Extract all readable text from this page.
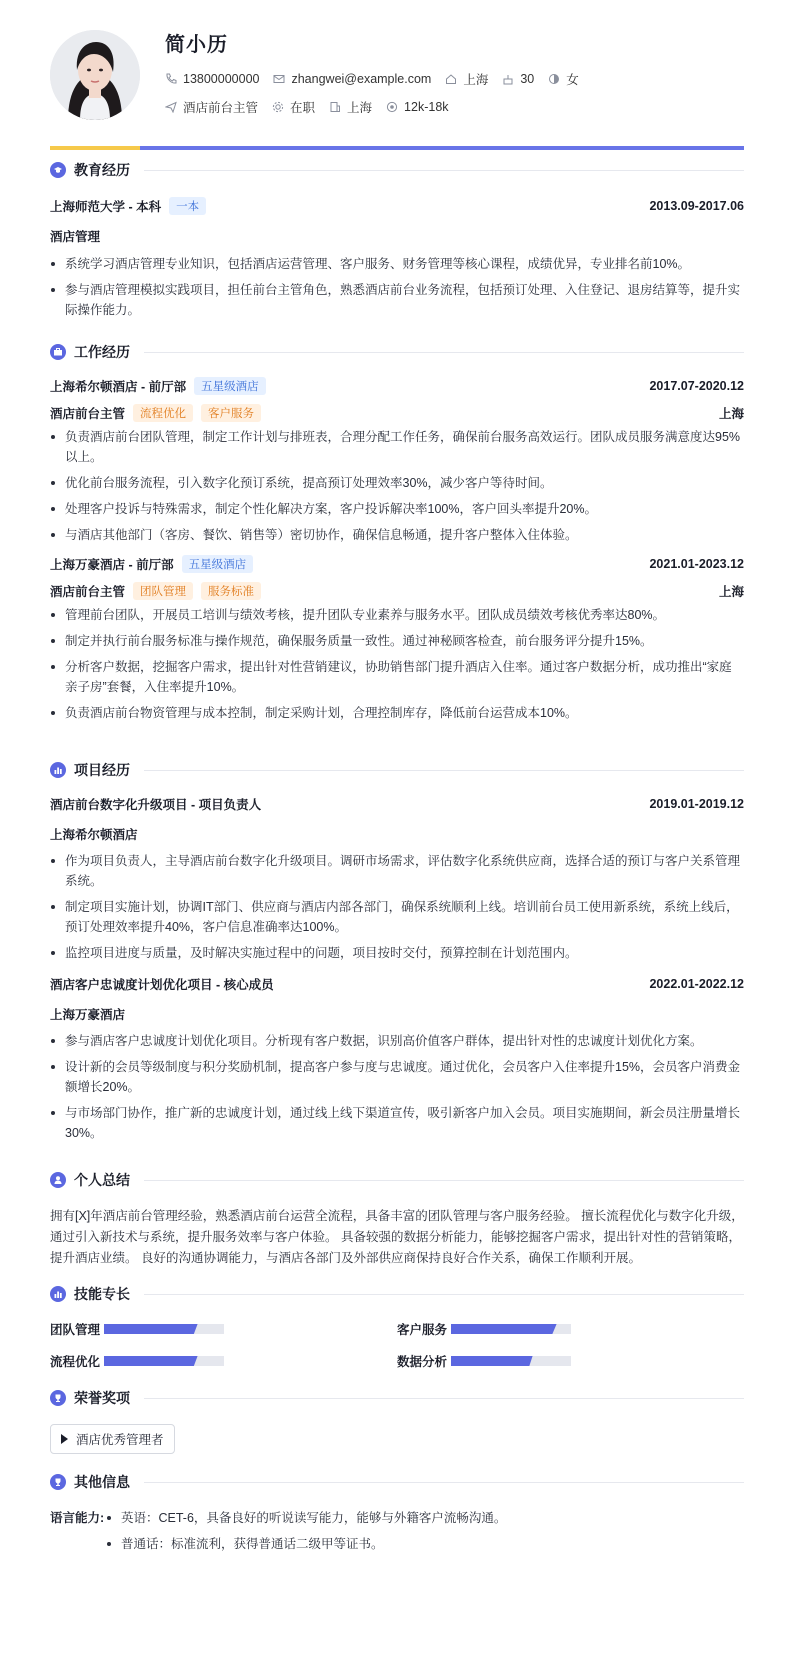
简小历
13800000000	zhangwei@example.com	上海	30	女
酒店前台主管	在职	上海	12k-18k
教育经历
上海师范大学 - 本科	一本	2013.09-2017.06
酒店管理
系统学习酒店管理专业知识，包括酒店运营管理、客户服务、财务管理等核心课程，成绩优异，专业排名前10%。
参与酒店管理模拟实践项目，担任前台主管角色，熟悉酒店前台业务流程，包括预订处理、入住登记、退房结算等，提升实际操作能力。
工作经历
上海希尔顿酒店 - 前厅部	五星级酒店	2017.07-2020.12
酒店前台主管	流程优化	客户服务	上海
负责酒店前台团队管理，制定工作计划与排班表，合理分配工作任务，确保前台服务高效运行。团队成员服务满意度达95%以上。
优化前台服务流程，引入数字化预订系统，提高预订处理效率30%，减少客户等待时间。
处理客户投诉与特殊需求，制定个性化解决方案，客户投诉解决率100%，客户回头率提升20%。
与酒店其他部门（客房、餐饮、销售等）密切协作，确保信息畅通，提升客户整体入住体验。
上海万豪酒店 - 前厅部	五星级酒店	2021.01-2023.12
酒店前台主管	团队管理	服务标准	上海
管理前台团队，开展员工培训与绩效考核，提升团队专业素养与服务水平。团队成员绩效考核优秀率达80%。
制定并执行前台服务标准与操作规范，确保服务质量一致性。通过神秘顾客检查，前台服务评分提升15%。
分析客户数据，挖掘客户需求，提出针对性营销建议，协助销售部门提升酒店入住率。通过客户数据分析，成功推出“家庭亲子房”套餐，入住率提升10%。
负责酒店前台物资管理与成本控制，制定采购计划，合理控制库存，降低前台运营成本10%。
项目经历
酒店前台数字化升级项目 - 项目负责人	2019.01-2019.12
上海希尔顿酒店
作为项目负责人，主导酒店前台数字化升级项目。调研市场需求，评估数字化系统供应商，选择合适的预订与客户关系管理系统。
制定项目实施计划，协调IT部门、供应商与酒店内部各部门，确保系统顺利上线。培训前台员工使用新系统，系统上线后，预订处理效率提升40%，客户信息准确率达100%。
监控项目进度与质量，及时解决实施过程中的问题，项目按时交付，预算控制在计划范围内。
酒店客户忠诚度计划优化项目 - 核心成员	2022.01-2022.12
上海万豪酒店
参与酒店客户忠诚度计划优化项目。分析现有客户数据，识别高价值客户群体，提出针对性的忠诚度计划优化方案。
设计新的会员等级制度与积分奖励机制，提高客户参与度与忠诚度。通过优化，会员客户入住率提升15%，会员客户消费金额增长20%。
与市场部门协作，推广新的忠诚度计划，通过线上线下渠道宣传，吸引新客户加入会员。项目实施期间，新会员注册量增长30%。
个人总结
拥有[X]年酒店前台管理经验，熟悉酒店前台运营全流程，具备丰富的团队管理与客户服务经验。 擅长流程优化与数字化升级，通过引入新技术与系统，提升服务效率与客户体验。 具备较强的数据分析能力，能够挖掘客户需求，提出针对性的营销策略，提升酒店业绩。 良好的沟通协调能力，与酒店各部门及外部供应商保持良好合作关系，确保工作顺利开展。
技能专长
团队管理	客户服务
流程优化	数据分析
荣誉奖项
酒店优秀管理者
其他信息
语言能力:	英语：CET-6，具备良好的听说读写能力，能够与外籍客户流畅沟通。
普通话：标准流利，获得普通话二级甲等证书。
